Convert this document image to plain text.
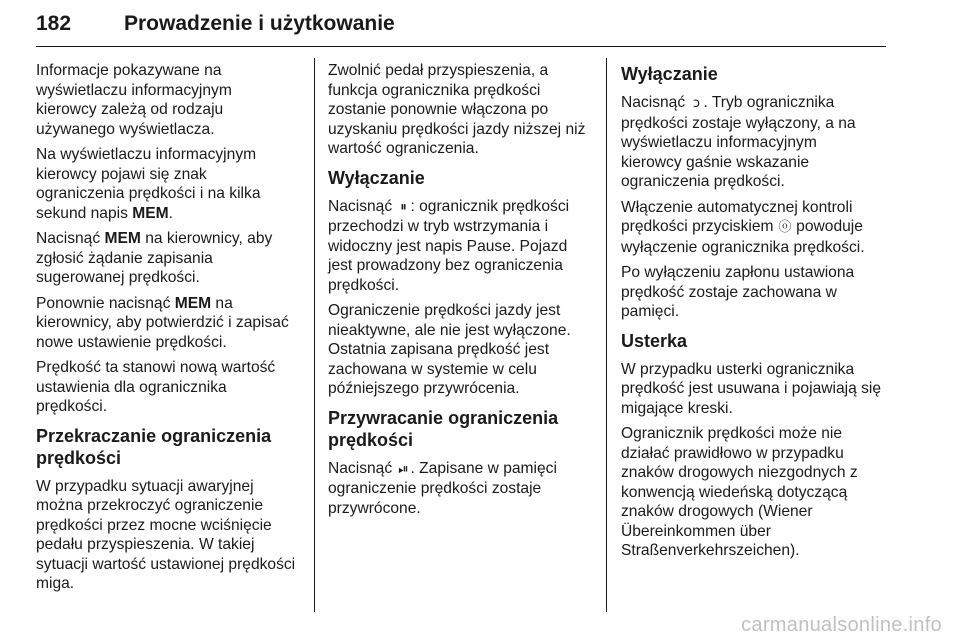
182	Prowadzenie i użytkowanie

Informacje pokazywane na
wyświetlaczu informacyjnym
kierowcy zależą od rodzaju
używanego wyświetlacza.

Na wyświetlaczu informacyjnym
kierowcy pojawi się znak
ograniczenia prędkości i na kilka
sekund napis MEM.

Nacisnąć MEM na kierownicy, aby
zgłosić żądanie zapisania
sugerowanej prędkości.

Ponownie nacisnąć MEM na
kierownicy, aby potwierdzić i zapisać
nowe ustawienie prędkości.

Prędkość ta stanowi nową wartość
ustawienia dla ogranicznika
prędkości.

Przekraczanie ograniczenia
prędkości

W przypadku sytuacji awaryjnej
można przekroczyć ograniczenie
prędkości przez mocne wciśnięcie
pedału przyspieszenia. W takiej
sytuacji wartość ustawionej prędkości
miga.

Zwolnić pedał przyspieszenia, a
funkcja ogranicznika prędkości
zostanie ponownie włączona po
uzyskaniu prędkości jazdy niższej niż
wartość ograniczenia.

Wyłączanie

Nacisnąć ⏸ : ogranicznik prędkości
przechodzi w tryb wstrzymania i
widoczny jest napis Pause. Pojazd
jest prowadzony bez ograniczenia
prędkości.

Ograniczenie prędkości jazdy jest
nieaktywne, ale nie jest wyłączone.
Ostatnia zapisana prędkość jest
zachowana w systemie w celu
późniejszego przywrócenia.

Przywracanie ograniczenia
prędkości

Nacisnąć ⏯ . Zapisane w pamięci
ograniczenie prędkości zostaje
przywrócone.

Wyłączanie

Nacisnąć ↄ . Tryb ogranicznika
prędkości zostaje wyłączony, a na
wyświetlaczu informacyjnym
kierowcy gaśnie wskazanie
ograniczenia prędkości.

Włączenie automatycznej kontroli
prędkości przyciskiem ⓞ powoduje
wyłączenie ogranicznika prędkości.

Po wyłączeniu zapłonu ustawiona
prędkość zostaje zachowana w
pamięci.

Usterka

W przypadku usterki ogranicznika
prędkość jest usuwana i pojawiają się
migające kreski.

Ogranicznik prędkości może nie
działać prawidłowo w przypadku
znaków drogowych niezgodnych z
konwencją wiedeńską dotyczącą
znaków drogowych (Wiener
Übereinkommen über
Straßenverkehrszeichen).

carmanualsonline.info
